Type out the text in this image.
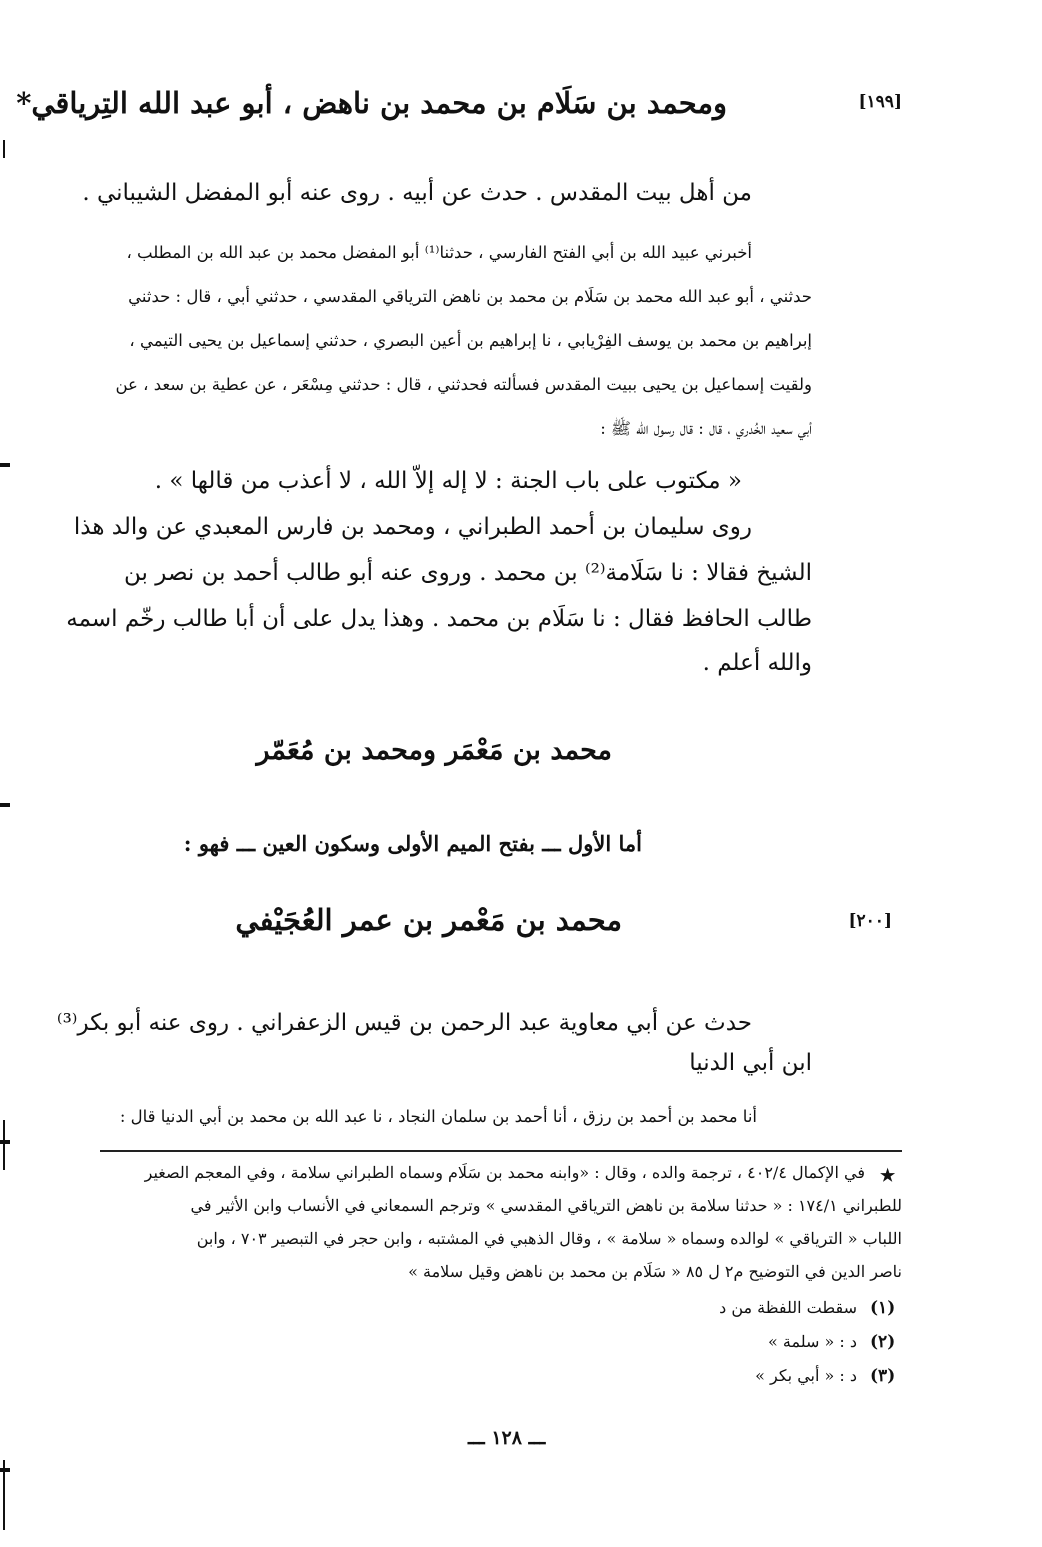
[١٩٩]
ومحمد بن سَلَام بن محمد بن ناهض ، أبو عبد الله التِرياقي*
من أهل بيت المقدس . حدث عن أبيه . روى عنه أبو المفضل الشيباني .
أخبرني عبيد الله بن أبي الفتح الفارسي ، حدثنا⁽¹⁾ أبو المفضل محمد بن عبد الله بن المطلب ،
حدثني ، أبو عبد الله محمد بن سَلَام بن محمد بن ناهض الترياقي المقدسي ، حدثني أبي ، قال : حدثني
إبراهيم بن محمد بن يوسف الفِرْيابي ، نا إبراهيم بن أعين البصري ، حدثني إسماعيل بن يحيى التيمي ،
ولقيت إسماعيل بن يحيى ببيت المقدس فسألته فحدثني ، قال : حدثني مِسْعَر ، عن عطية بن سعد ، عن
أبي سعيد الخُدري ، قال : قال رسول الله ﷺ :
« مكتوب على باب الجنة : لا إله إلاّ الله ، لا أعذب من قالها » .
روى سليمان بن أحمد الطبراني ، ومحمد بن فارس المعبدي عن والد هذا
الشيخ فقالا : نا سَلَامة⁽²⁾ بن محمد . وروى عنه أبو طالب أحمد بن نصر بن
طالب الحافظ فقال : نا سَلَام بن محمد . وهذا يدل على أن أبا طالب رخّم اسمه
والله أعلم .
محمد بن مَعْمَر ومحمد بن مُعَمّر
أما الأول ـــ بفتح الميم الأولى وسكون العين ـــ فهو :
[٢٠٠]
محمد بن مَعْمر بن عمر العُجَيْفي
حدث عن أبي معاوية عبد الرحمن بن قيس الزعفراني . روى عنه أبو بكر⁽³⁾
ابن أبي الدنيا
أنا محمد بن أحمد بن رزق ، أنا أحمد بن سلمان النجاد ، نا عبد الله بن محمد بن أبي الدنيا قال :
★
في الإكمال ٤٠٢/٤ ، ترجمة والده ، وقال : «وابنه محمد بن سَلَام وسماه الطبراني سلامة ، وفي المعجم الصغير
للطبراني ١٧٤/١ : « حدثنا سلامة بن ناهض الترياقي المقدسي » وترجم السمعاني في الأنساب وابن الأثير في
اللباب « الترياقي » لوالده وسماه « سلامة » ، وقال الذهبي في المشتبه ، وابن حجر في التبصير ٧٠٣ ، وابن
ناصر الدين في التوضيح م٢ ل ٨٥ « سَلَام بن محمد بن ناهض وقيل سلامة »
(١)
سقطت اللفظة من د
(٢)
د : « سلمة »
(٣)
د : « أبي بكر »
ـــ ١٢٨ ـــ
